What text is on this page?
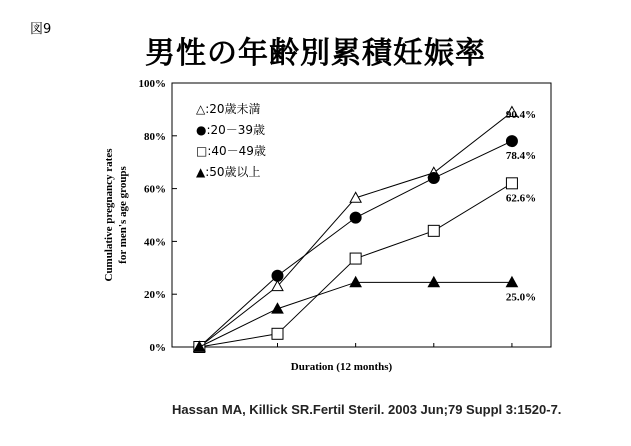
図9
男性の年齢別累積妊娠率
0%
20%
40%
60%
80%
100%
Duration (12 months)
Cumulative pregnancy rates for men's age groups
90.4%
78.4%
62.6%
25.0%
△:20歳未満
●:20－39歳
□:40－49歳
▲:50歳以上
Hassan MA, Killick SR.Fertil Steril. 2003 Jun;79 Suppl 3:1520-7.
